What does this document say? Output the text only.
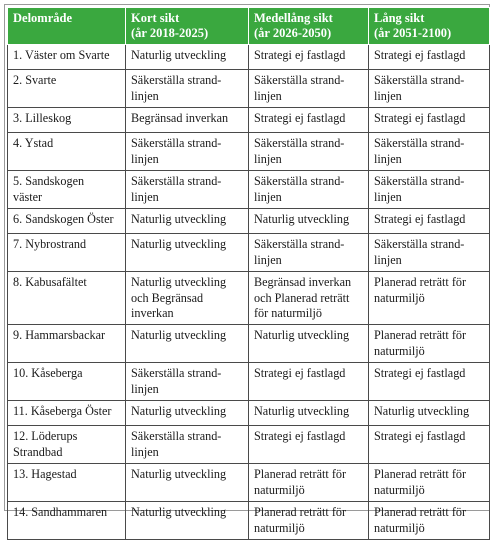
Delområde	Kort sikt
(år 2018-2025)	Medellång sikt
(år 2026-2050)	Lång sikt
(år 2051-2100)

1. Väster om Svarte	Naturlig utveckling	Strategi ej fastlagd	Strategi ej fastlagd

2. Svarte	Säkerställa strand-
linjen	Säkerställa strand-
linjen	Säkerställa strand-
linjen

3. Lilleskog	Begränsad inverkan	Strategi ej fastlagd	Strategi ej fastlagd

4. Ystad	Säkerställa strand-
linjen	Säkerställa strand-
linjen	Säkerställa strand-
linjen

5. Sandskogen
väster	Säkerställa strand-
linjen	Säkerställa strand-
linjen	Säkerställa strand-
linjen

6. Sandskogen Öster	Naturlig utveckling	Naturlig utveckling	Strategi ej fastlagd

7. Nybrostrand	Naturlig utveckling	Säkerställa strand-
linjen	Säkerställa strand-
linjen

8. Kabusafältet	Naturlig utveckling
och Begränsad
inverkan	Begränsad inverkan
och Planerad reträtt
för naturmiljö	Planerad reträtt för
naturmiljö

9. Hammarsbackar	Naturlig utveckling	Naturlig utveckling	Planerad reträtt för
naturmiljö

10. Kåseberga	Säkerställa strand-
linjen	Strategi ej fastlagd	Strategi ej fastlagd

11. Kåseberga Öster	Naturlig utveckling	Naturlig utveckling	Naturlig utveckling

12. Löderups
Strandbad	Säkerställa strand-
linjen	Strategi ej fastlagd	Strategi ej fastlagd

13. Hagestad	Naturlig utveckling	Planerad reträtt för
naturmiljö	Planerad reträtt för
naturmiljö

14. Sandhammaren	Naturlig utveckling	Planerad reträtt för
naturmiljö	Planerad reträtt för
naturmiljö
